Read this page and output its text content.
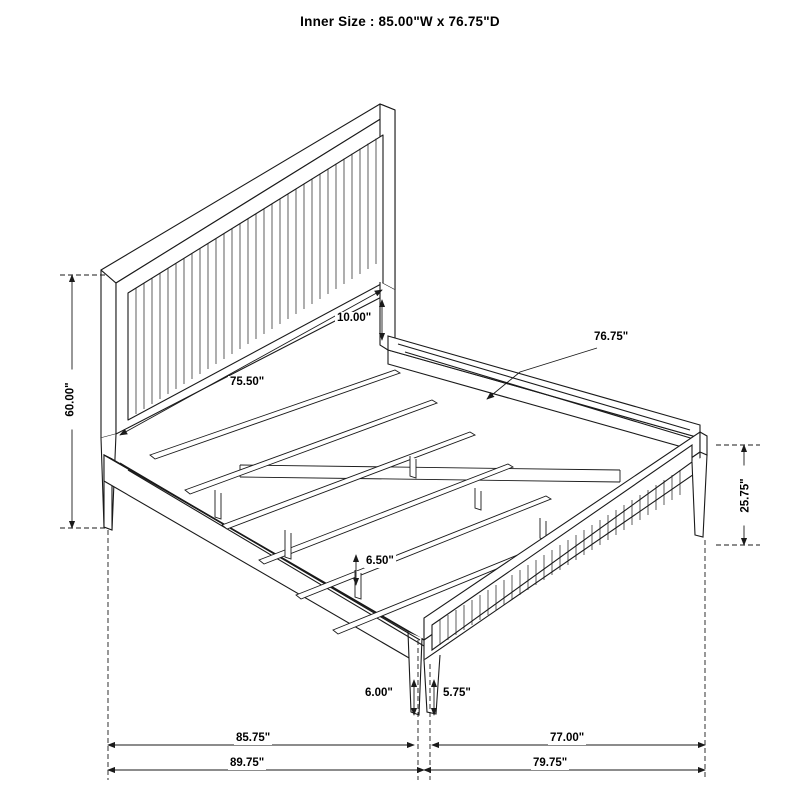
Inner Size : 85.00"W x 76.75"D
60.00"
10.00"
75.50"
76.75"
25.75"
6.50"
6.00"	5.75"
85.75"	77.00"
89.75"	79.75"
